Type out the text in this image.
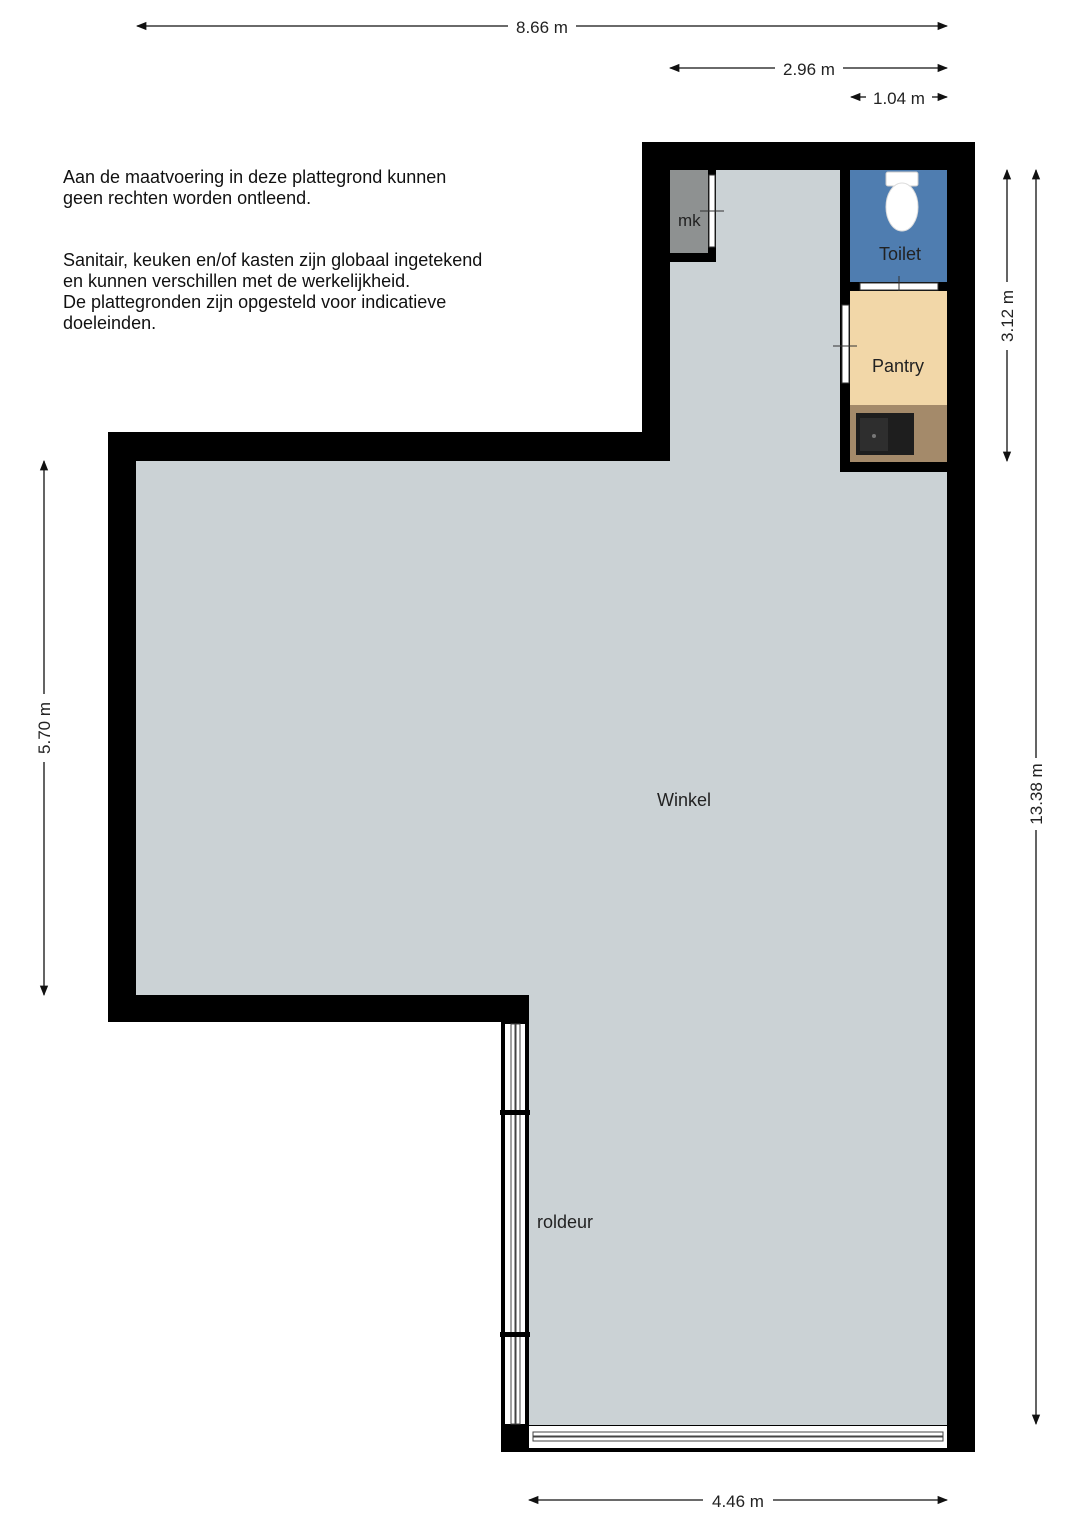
mk
Toilet
Pantry
Winkel
roldeur
8.66 m
2.96 m
1.04 m
3.12 m
13.38 m
5.70 m
4.46 m

Aan de maatvoering in deze plattegrond kunnen
geen rechten worden ontleend.

Sanitair, keuken en/of kasten zijn globaal ingetekend
en kunnen verschillen met de werkelijkheid.
De plattegronden zijn opgesteld voor indicatieve
doeleinden.
